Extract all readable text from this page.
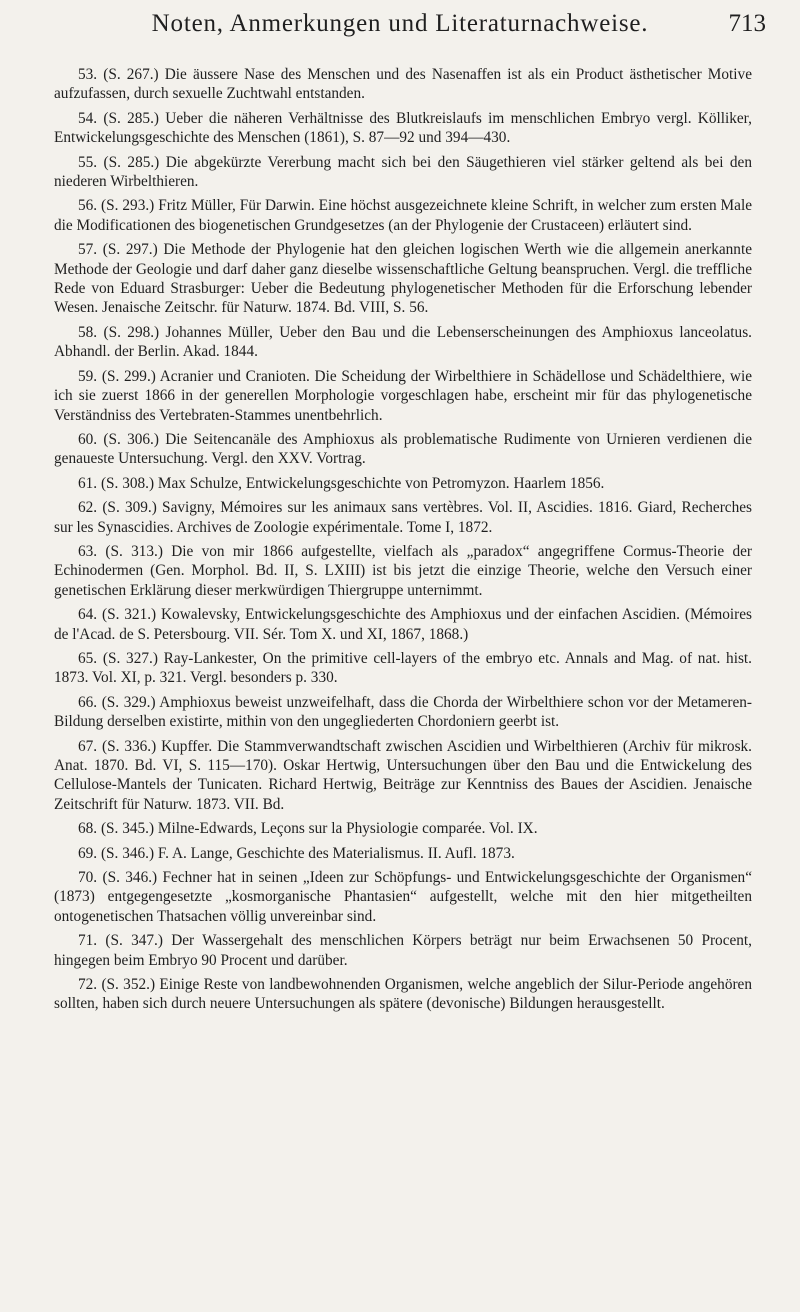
Noten, Anmerkungen und Literaturnachweise.	713

53. (S. 267.) Die äussere Nase des Menschen und des Nasenaffen ist als ein Product ästhetischer Motive aufzufassen, durch sexuelle Zuchtwahl entstanden.

54. (S. 285.) Ueber die näheren Verhältnisse des Blutkreislaufs im menschlichen Embryo vergl. Kölliker, Entwickelungsgeschichte des Menschen (1861), S. 87—92 und 394—430.

55. (S. 285.) Die abgekürzte Vererbung macht sich bei den Säugethieren viel stärker geltend als bei den niederen Wirbelthieren.

56. (S. 293.) Fritz Müller, Für Darwin. Eine höchst ausgezeichnete kleine Schrift, in welcher zum ersten Male die Modificationen des biogenetischen Grundgesetzes (an der Phylogenie der Crustaceen) erläutert sind.

57. (S. 297.) Die Methode der Phylogenie hat den gleichen logischen Werth wie die allgemein anerkannte Methode der Geologie und darf daher ganz dieselbe wissenschaftliche Geltung beanspruchen. Vergl. die treffliche Rede von Eduard Strasburger: Ueber die Bedeutung phylogenetischer Methoden für die Erforschung lebender Wesen. Jenaische Zeitschr. für Naturw. 1874. Bd. VIII, S. 56.

58. (S. 298.) Johannes Müller, Ueber den Bau und die Lebenserscheinungen des Amphioxus lanceolatus. Abhandl. der Berlin. Akad. 1844.

59. (S. 299.) Acranier und Cranioten. Die Scheidung der Wirbelthiere in Schädellose und Schädelthiere, wie ich sie zuerst 1866 in der generellen Morphologie vorgeschlagen habe, erscheint mir für das phylogenetische Verständniss des Vertebraten-Stammes unentbehrlich.

60. (S. 306.) Die Seitencanäle des Amphioxus als problematische Rudimente von Urnieren verdienen die genaueste Untersuchung. Vergl. den XXV. Vortrag.

61. (S. 308.) Max Schulze, Entwickelungsgeschichte von Petromyzon. Haarlem 1856.

62. (S. 309.) Savigny, Mémoires sur les animaux sans vertèbres. Vol. II, Ascidies. 1816. Giard, Recherches sur les Synascidies. Archives de Zoologie expérimentale. Tome I, 1872.

63. (S. 313.) Die von mir 1866 aufgestellte, vielfach als „paradox“ angegriffene Cormus-Theorie der Echinodermen (Gen. Morphol. Bd. II, S. LXIII) ist bis jetzt die einzige Theorie, welche den Versuch einer genetischen Erklärung dieser merkwürdigen Thiergruppe unternimmt.

64. (S. 321.) Kowalevsky, Entwickelungsgeschichte des Amphioxus und der einfachen Ascidien. (Mémoires de l'Acad. de S. Petersbourg. VII. Sér. Tom X. und XI, 1867, 1868.)

65. (S. 327.) Ray-Lankester, On the primitive cell-layers of the embryo etc. Annals and Mag. of nat. hist. 1873. Vol. XI, p. 321. Vergl. besonders p. 330.

66. (S. 329.) Amphioxus beweist unzweifelhaft, dass die Chorda der Wirbelthiere schon vor der Metameren-Bildung derselben existirte, mithin von den ungegliederten Chordoniern geerbt ist.

67. (S. 336.) Kupffer. Die Stammverwandtschaft zwischen Ascidien und Wirbelthieren (Archiv für mikrosk. Anat. 1870. Bd. VI, S. 115—170). Oskar Hertwig, Untersuchungen über den Bau und die Entwickelung des Cellulose-Mantels der Tunicaten. Richard Hertwig, Beiträge zur Kenntniss des Baues der Ascidien. Jenaische Zeitschrift für Naturw. 1873. VII. Bd.

68. (S. 345.) Milne-Edwards, Leçons sur la Physiologie comparée. Vol. IX.

69. (S. 346.) F. A. Lange, Geschichte des Materialismus. II. Aufl. 1873.

70. (S. 346.) Fechner hat in seinen „Ideen zur Schöpfungs- und Entwickelungsgeschichte der Organismen“ (1873) entgegengesetzte „kosmorganische Phantasien“ aufgestellt, welche mit den hier mitgetheilten ontogenetischen Thatsachen völlig unvereinbar sind.

71. (S. 347.) Der Wassergehalt des menschlichen Körpers beträgt nur beim Erwachsenen 50 Procent, hingegen beim Embryo 90 Procent und darüber.

72. (S. 352.) Einige Reste von landbewohnenden Organismen, welche angeblich der Silur-Periode angehören sollten, haben sich durch neuere Untersuchungen als spätere (devonische) Bildungen herausgestellt.
